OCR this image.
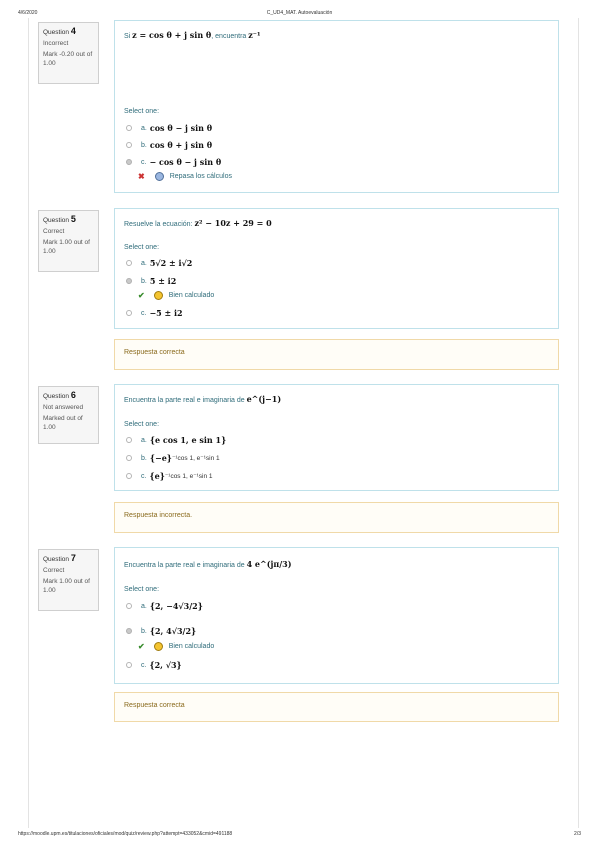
4/6/2020	C_UD4_MAT. Autoevaluación
Question 4
Incorrect
Mark -0.20 out of 1.00
Si z = cos θ + j sin θ, encuentra z⁻¹
Select one:
a. cos θ − j sin θ
b. cos θ + j sin θ
c. − cos θ − j sin θ
✖	Repasa los cálculos
Question 5
Correct
Mark 1.00 out of 1.00
Resuelve la ecuación: z² − 10z + 29 = 0
Select one:
a. 5√2 ± i√2
b. 5 ± i2
✔	Bien calculado
c. −5 ± i2
Respuesta correcta
Question 6
Not answered
Marked out of 1.00
Encuentra la parte real e imaginaria de e^(j−1)
Select one:
a. {e cos 1, e sin 1}
b. {−e} ⁻¹cos 1, e⁻¹sin 1
c. {e} ⁻¹cos 1, e⁻¹sin 1
Respuesta incorrecta.
Question 7
Correct
Mark 1.00 out of 1.00
Encuentra la parte real e imaginaria de 4 e^(jπ/3)
Select one:
a. {2, −4√3/2}
b. {2, 4√3/2}
✔	Bien calculado
c. {2, √3}
Respuesta correcta
https://moodle.upm.es/titulaciones/oficiales/mod/quiz/review.php?attempt=433052&cmid=491188	2/3
